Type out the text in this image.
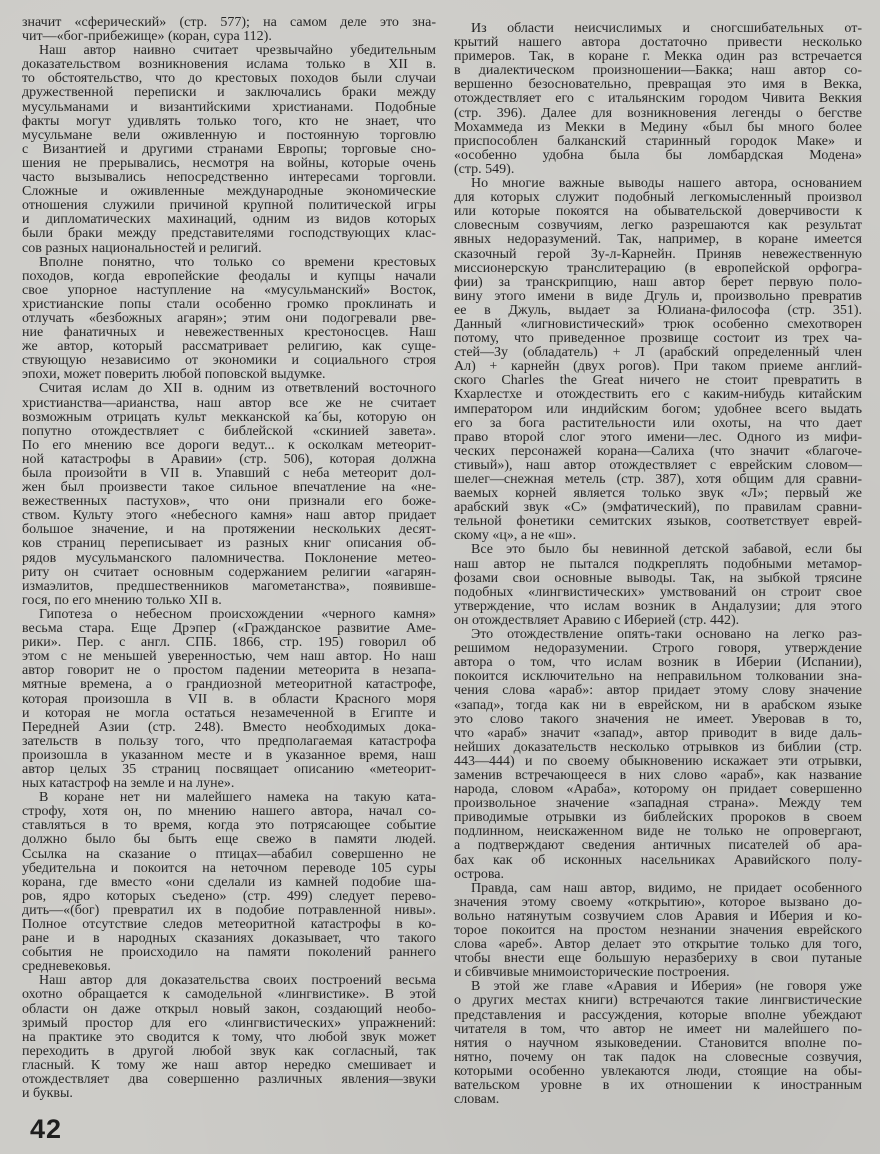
значит «сферический» (стр. 577); на самом деле это зна-
чит—«бог-прибежище» (коран, сура 112).
Наш автор наивно считает чрезвычайно убедительным
доказательством возникновения ислама только в XII в.
то обстоятельство, что до крестовых походов были случаи
дружественной переписки и заключались браки между
мусульманами и византийскими христианами. Подобные
факты могут удивлять только того, кто не знает, что
мусульмане вели оживленную и постоянную торговлю
с Византией и другими странами Европы; торговые сно-
шения не прерывались, несмотря на войны, которые очень
часто вызывались непосредственно интересами торговли.
Сложные и оживленные международные экономические
отношения служили причиной крупной политической игры
и дипломатических махинаций, одним из видов которых
были браки между представителями господствующих клас-
сов разных национальностей и религий.
Вполне понятно, что только со времени крестовых
походов, когда европейские феодалы и купцы начали
свое упорное наступление на «мусульманский» Восток,
христианские попы стали особенно громко проклинать и
отлучать «безбожных агарян»; этим они подогревали рве-
ние фанатичных и невежественных крестоносцев. Наш
же автор, который рассматривает религию, как суще-
ствующую независимо от экономики и социального строя
эпохи, может поверить любой поповской выдумке.
Считая ислам до XII в. одним из ответвлений восточного
христианства—арианства, наш автор все же не считает
возможным отрицать культ мекканской ка´бы, которую он
попутно отождествляет с библейской «скинией завета».
По его мнению все дороги ведут... к осколкам метеорит-
ной катастрофы в Аравии» (стр. 506), которая должна
была произойти в VII в. Упавший с неба метеорит дол-
жен был произвести такое сильное впечатление на «не-
вежественных пастухов», что они признали его боже-
ством. Культу этого «небесного камня» наш автор придает
большое значение, и на протяжении нескольких десят-
ков страниц переписывает из разных книг описания об-
рядов мусульманского паломничества. Поклонение метео-
риту он считает основным содержанием религии «агарян-
измаэлитов, предшественников магометанства», появивше-
гося, по его мнению только XII в.
Гипотеза о небесном происхождении «черного камня»
весьма стара. Еще Дрэпер («Гражданское развитие Аме-
рики». Пер. с англ. СПБ. 1866, стр. 195) говорил об
этом с не меньшей уверенностью, чем наш автор. Но наш
автор говорит не о простом падении метеорита в незапа-
мятные времена, а о грандиозной метеоритной катастрофе,
которая произошла в VII в. в области Красного моря
и которая не могла остаться незамеченной в Египте и
Передней Азии (стр. 248). Вместо необходимых дока-
зательств в пользу того, что предполагаемая катастрофа
произошла в указанном месте и в указанное время, наш
автор целых 35 страниц посвящает описанию «метеорит-
ных катастроф на земле и на луне».
В коране нет ни малейшего намека на такую ката-
строфу, хотя он, по мнению нашего автора, начал со-
ставляться в то время, когда это потрясающее событие
должно было бы быть еще свежо в памяти людей.
Ссылка на сказание о птицах—абабил совершенно не
убедительна и покоится на неточном переводе 105 суры
корана, где вместо «они сделали из камней подобие ша-
ров, ядро которых съедено» (стр. 499) следует перево-
дить—«(бог) превратил их в подобие потравленной нивы».
Полное отсутствие следов метеоритной катастрофы в ко-
ране и в народных сказаниях доказывает, что такого
события не происходило на памяти поколений раннего
средневековья.
Наш автор для доказательства своих построений весьма
охотно обращается к самодельной «лингвистике». В этой
области он даже открыл новый закон, создающий необо-
зримый простор для его «лингвистических» упражнений:
на практике это сводится к тому, что любой звук может
переходить в другой любой звук как согласный, так
гласный. К тому же наш автор нередко смешивает и
отождествляет два совершенно различных явления—звуки
и буквы.
Из области неисчислимых и сногсшибательных от-
крытий нашего автора достаточно привести несколько
примеров. Так, в коране г. Мекка один раз встречается
в диалектическом произношении—Бакка; наш автор со-
вершенно безосновательно, превращая это имя в Векка,
отождествляет его с итальянским городом Чивита Веккия
(стр. 396). Далее для возникновения легенды о бегстве
Мохаммеда из Мекки в Медину «был бы много более
приспособлен балканский старинный городок Маке» и
«особенно удобна была бы ломбардская Модена»
(стр. 549).
Но многие важные выводы нашего автора, основанием
для которых служит подобный легкомысленный произвол
или которые покоятся на обывательской доверчивости к
словесным созвучиям, легко разрешаются как результат
явных недоразумений. Так, например, в коране имеется
сказочный герой Зу-л-Карнейн. Приняв невежественную
миссионерскую транслитерацию (в европейской орфогра-
фии) за транскрипцию, наш автор берет первую поло-
вину этого имени в виде Дгуль и, произвольно превратив
ее в Джуль, выдает за Юлиана-философа (стр. 351).
Данный «лигновистический» трюк особенно смехотворен
потому, что приведенное прозвище состоит из трех ча-
стей—Зу (обладатель) + Л (арабский определенный член
Ал) + карнейн (двух рогов). При таком приеме англий-
ского Charles the Great ничего не стоит превратить в
Кхарлестхе и отождествить его с каким-нибудь китайским
императором или индийским богом; удобнее всего выдать
его за бога растительности или охоты, на что дает
право второй слог этого имени—лес. Одного из мифи-
ческих персонажей корана—Салиха (что значит «благоче-
стивый»), наш автор отождествляет с еврейским словом—
шелег—снежная метель (стр. 387), хотя общим для сравни-
ваемых корней является только звук «Л»; первый же
арабский звук «С» (эмфатический), по правилам сравни-
тельной фонетики семитских языков, соответствует еврей-
скому «ц», а не «ш».
Все это было бы невинной детской забавой, если бы
наш автор не пытался подкреплять подобными метамор-
фозами свои основные выводы. Так, на зыбкой трясине
подобных «лингвистических» умствований он строит свое
утверждение, что ислам возник в Андалузии; для этого
он отождествляет Аравию с Иберией (стр. 442).
Это отождествление опять-таки основано на легко раз-
решимом недоразумении. Строго говоря, утверждение
автора о том, что ислам возник в Иберии (Испании),
покоится исключительно на неправильном толковании зна-
чения слова «араб»: автор придает этому слову значение
«запад», тогда как ни в еврейском, ни в арабском языке
это слово такого значения не имеет. Уверовав в то,
что «араб» значит «запад», автор приводит в виде даль-
нейших доказательств несколько отрывков из библии (стр.
443—444) и по своему обыкновению искажает эти отрывки,
заменив встречающееся в них слово «араб», как название
народа, словом «Араба», которому он придает совершенно
произвольное значение «западная страна». Между тем
приводимые отрывки из библейских пророков в своем
подлинном, неискаженном виде не только не опровергают,
а подтверждают сведения античных писателей об ара-
бах как об исконных насельниках Аравийского полу-
острова.
Правда, сам наш автор, видимо, не придает особенного
значения этому своему «открытию», которое вызвано до-
вольно натянутым созвучием слов Аравия и Иберия и ко-
торое покоится на простом незнании значения еврейского
слова «ареб». Автор делает это открытие только для того,
чтобы внести еще большую неразбериху в свои путаные
и сбивчивые мнимоисторические построения.
В этой же главе «Аравия и Иберия» (не говоря уже
о других местах книги) встречаются такие лингвистические
представления и рассуждения, которые вполне убеждают
читателя в том, что автор не имеет ни малейшего по-
нятия о научном языковедении. Становится вполне по-
нятно, почему он так падок на словесные созвучия,
которыми особенно увлекаются люди, стоящие на обы-
вательском уровне в их отношении к иностранным
словам.
42
